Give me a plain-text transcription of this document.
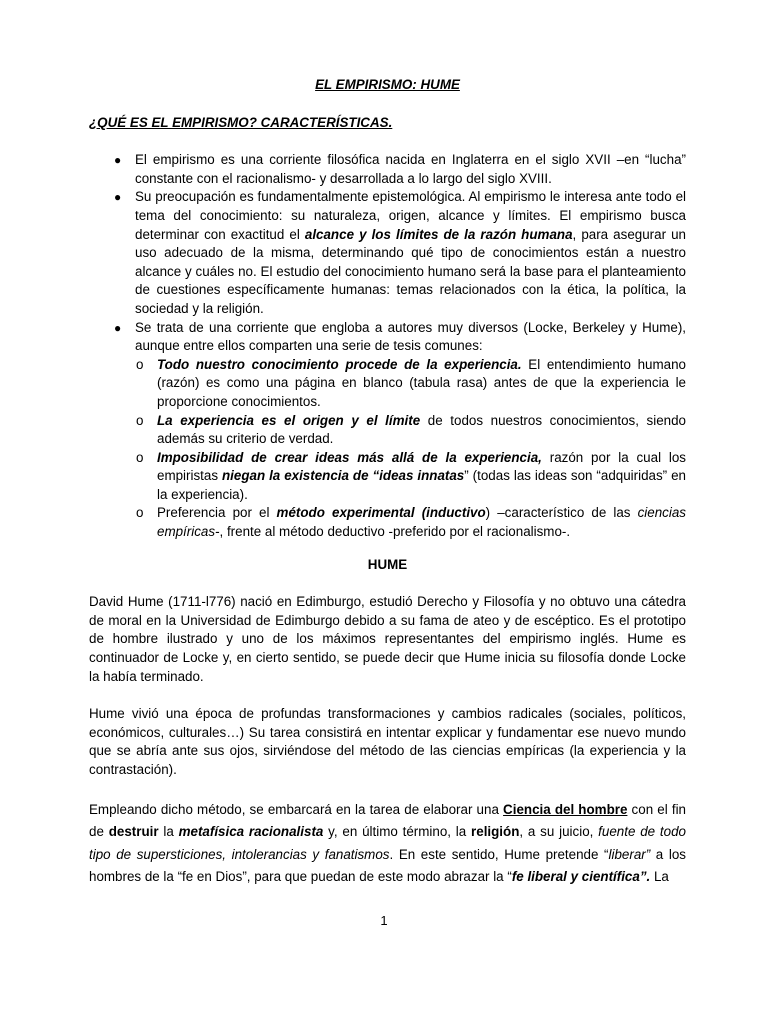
EL EMPIRISMO: HUME
¿QUÉ ES EL EMPIRISMO? CARACTERÍSTICAS.
● El empirismo es una corriente filosófica nacida en Inglaterra en el siglo XVII –en “lucha” constante con el racionalismo- y desarrollada a lo largo del siglo XVIII.
● Su preocupación es fundamentalmente epistemológica. Al empirismo le interesa ante todo el tema del conocimiento: su naturaleza, origen, alcance y límites. El empirismo busca determinar con exactitud el alcance y los límites de la razón humana, para asegurar un uso adecuado de la misma, determinando qué tipo de conocimientos están a nuestro alcance y cuáles no. El estudio del conocimiento humano será la base para el planteamiento de cuestiones específicamente humanas: temas relacionados con la ética, la política, la sociedad y la religión.
● Se trata de una corriente que engloba a autores muy diversos (Locke, Berkeley y Hume), aunque entre ellos comparten una serie de tesis comunes:
o Todo nuestro conocimiento procede de la experiencia. El entendimiento humano (razón) es como una página en blanco (tabula rasa) antes de que la experiencia le proporcione conocimientos.
o La experiencia es el origen y el límite de todos nuestros conocimientos, siendo además su criterio de verdad.
o Imposibilidad de crear ideas más allá de la experiencia, razón por la cual los empiristas niegan la existencia de “ideas innatas” (todas las ideas son “adquiridas” en la experiencia).
o Preferencia por el método experimental (inductivo) –característico de las ciencias empíricas-, frente al método deductivo -preferido por el racionalismo-.
HUME

David Hume (1711-l776) nació en Edimburgo, estudió Derecho y Filosofía y no obtuvo una cátedra de moral en la Universidad de Edimburgo debido a su fama de ateo y de escéptico. Es el prototipo de hombre ilustrado y uno de los máximos representantes del empirismo inglés. Hume es continuador de Locke y, en cierto sentido, se puede decir que Hume inicia su filosofía donde Locke la había terminado.

Hume vivió una época de profundas transformaciones y cambios radicales (sociales, políticos, económicos, culturales…) Su tarea consistirá en intentar explicar y fundamentar ese nuevo mundo que se abría ante sus ojos, sirviéndose del método de las ciencias empíricas (la experiencia y la contrastación).

Empleando dicho método, se embarcará en la tarea de elaborar una Ciencia del hombre con el fin de destruir la metafísica racionalista y, en último término, la religión, a su juicio, fuente de todo tipo de supersticiones, intolerancias y fanatismos. En este sentido, Hume pretende “liberar” a los hombres de la “fe en Dios”, para que puedan de este modo abrazar la “fe liberal y científica”. La

1
